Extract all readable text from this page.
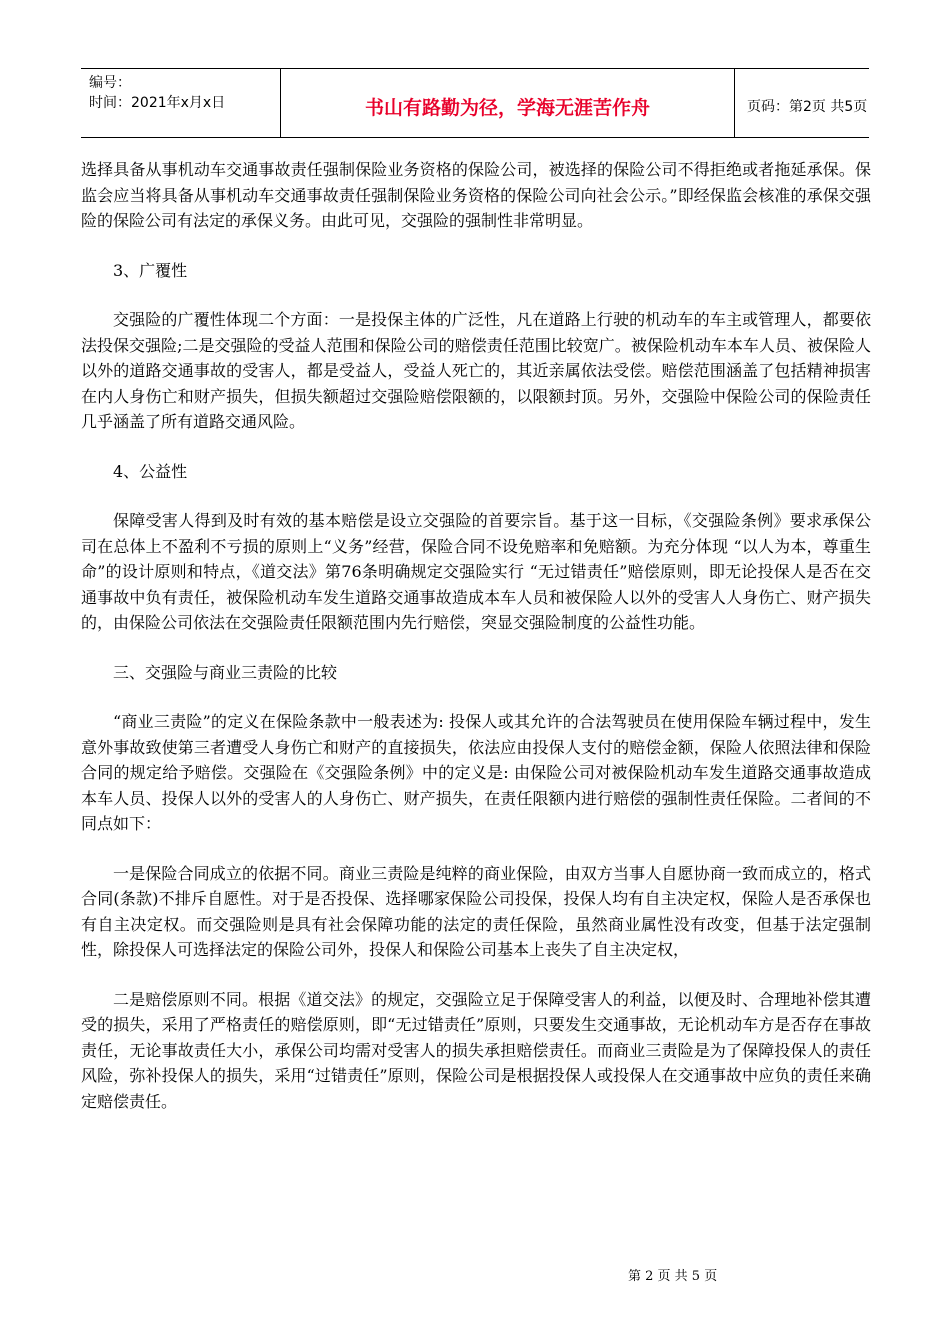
编号：
时间：2021年x月x日	书山有路勤为径，学海无涯苦作舟	页码：第2页 共5页

选择具备从事机动车交通事故责任强制保险业务资格的保险公司，被选择的保险公司不得拒绝或者拖延承保。保监会应当将具备从事机动车交通事故责任强制保险业务资格的保险公司向社会公示。”即经保监会核准的承保交强险的保险公司有法定的承保义务。由此可见，交强险的强制性非常明显。

3、广覆性

交强险的广覆性体现二个方面：一是投保主体的广泛性，凡在道路上行驶的机动车的车主或管理人，都要依法投保交强险;二是交强险的受益人范围和保险公司的赔偿责任范围比较宽广。被保险机动车本车人员、被保险人以外的道路交通事故的受害人，都是受益人，受益人死亡的，其近亲属依法受偿。赔偿范围涵盖了包括精神损害在内人身伤亡和财产损失，但损失额超过交强险赔偿限额的，以限额封顶。另外，交强险中保险公司的保险责任几乎涵盖了所有道路交通风险。

4、公益性

保障受害人得到及时有效的基本赔偿是设立交强险的首要宗旨。基于这一目标，《交强险条例》要求承保公司在总体上不盈利不亏损的原则上“义务”经营，保险合同不设免赔率和免赔额。为充分体现 “以人为本，尊重生命”的设计原则和特点，《道交法》第76条明确规定交强险实行 “无过错责任”赔偿原则，即无论投保人是否在交通事故中负有责任，被保险机动车发生道路交通事故造成本车人员和被保险人以外的受害人人身伤亡、财产损失的，由保险公司依法在交强险责任限额范围内先行赔偿，突显交强险制度的公益性功能。

三、交强险与商业三责险的比较

“商业三责险”的定义在保险条款中一般表述为: 投保人或其允许的合法驾驶员在使用保险车辆过程中，发生意外事故致使第三者遭受人身伤亡和财产的直接损失，依法应由投保人支付的赔偿金额，保险人依照法律和保险合同的规定给予赔偿。交强险在《交强险条例》中的定义是: 由保险公司对被保险机动车发生道路交通事故造成本车人员、投保人以外的受害人的人身伤亡、财产损失，在责任限额内进行赔偿的强制性责任保险。二者间的不同点如下：

一是保险合同成立的依据不同。商业三责险是纯粹的商业保险，由双方当事人自愿协商一致而成立的，格式合同(条款)不排斥自愿性。对于是否投保、选择哪家保险公司投保，投保人均有自主决定权，保险人是否承保也有自主决定权。而交强险则是具有社会保障功能的法定的责任保险，虽然商业属性没有改变，但基于法定强制性，除投保人可选择法定的保险公司外，投保人和保险公司基本上丧失了自主决定权，

二是赔偿原则不同。根据《道交法》的规定，交强险立足于保障受害人的利益，以便及时、合理地补偿其遭受的损失，采用了严格责任的赔偿原则，即“无过错责任”原则，只要发生交通事故，无论机动车方是否存在事故责任，无论事故责任大小，承保公司均需对受害人的损失承担赔偿责任。而商业三责险是为了保障投保人的责任风险，弥补投保人的损失，采用“过错责任”原则，保险公司是根据投保人或投保人在交通事故中应负的责任来确定赔偿责任。

第 2 页 共 5 页
